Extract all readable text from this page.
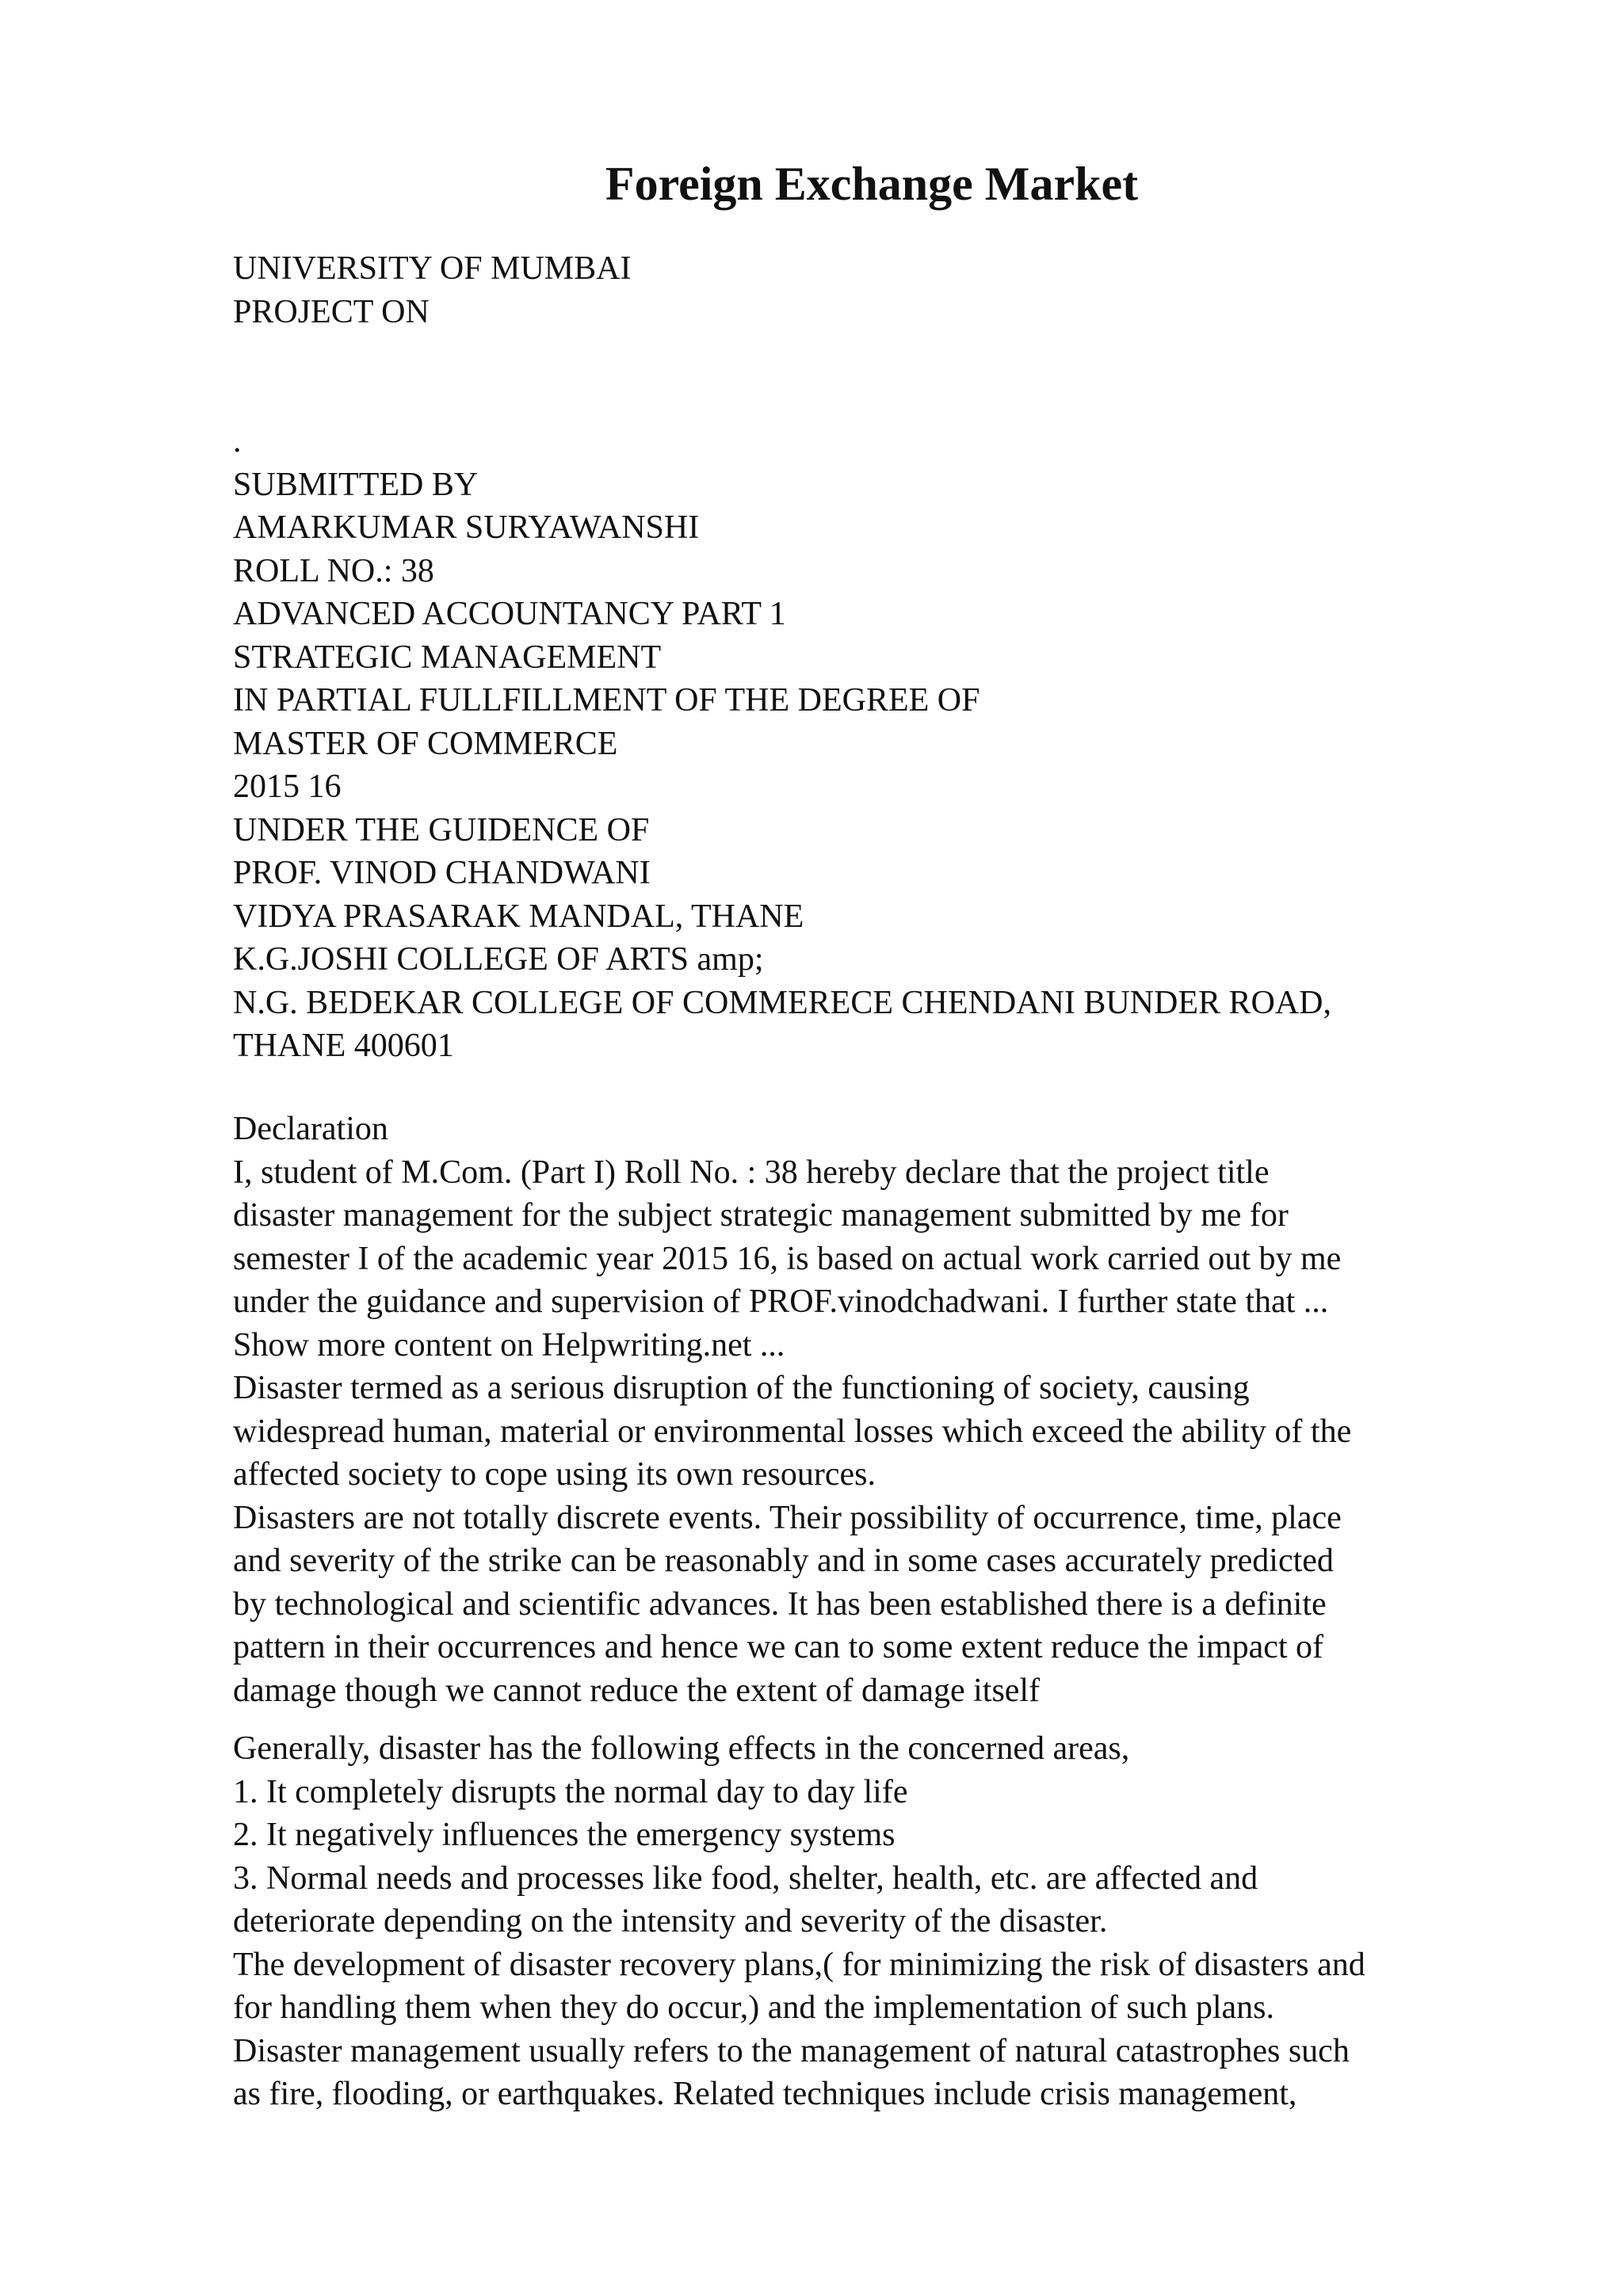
Foreign Exchange Market
UNIVERSITY OF MUMBAI
PROJECT ON
.
SUBMITTED BY
AMARKUMAR SURYAWANSHI
ROLL NO.: 38
ADVANCED ACCOUNTANCY PART 1
STRATEGIC MANAGEMENT
IN PARTIAL FULLFILLMENT OF THE DEGREE OF
MASTER OF COMMERCE
2015 16
UNDER THE GUIDENCE OF
PROF. VINOD CHANDWANI
VIDYA PRASARAK MANDAL, THANE
K.G.JOSHI COLLEGE OF ARTS amp;
N.G. BEDEKAR COLLEGE OF COMMERECE CHENDANI BUNDER ROAD,
THANE 400601
Declaration
I, student of M.Com. (Part I) Roll No. : 38 hereby declare that the project title
disaster management for the subject strategic management submitted by me for
semester I of the academic year 2015 16, is based on actual work carried out by me
under the guidance and supervision of PROF.vinodchadwani. I further state that ...
Show more content on Helpwriting.net ...
Disaster termed as a serious disruption of the functioning of society, causing
widespread human, material or environmental losses which exceed the ability of the
affected society to cope using its own resources.
Disasters are not totally discrete events. Their possibility of occurrence, time, place
and severity of the strike can be reasonably and in some cases accurately predicted
by technological and scientific advances. It has been established there is a definite
pattern in their occurrences and hence we can to some extent reduce the impact of
damage though we cannot reduce the extent of damage itself
Generally, disaster has the following effects in the concerned areas,
1. It completely disrupts the normal day to day life
2. It negatively influences the emergency systems
3. Normal needs and processes like food, shelter, health, etc. are affected and
deteriorate depending on the intensity and severity of the disaster.
The development of disaster recovery plans,( for minimizing the risk of disasters and
for handling them when they do occur,) and the implementation of such plans.
Disaster management usually refers to the management of natural catastrophes such
as fire, flooding, or earthquakes. Related techniques include crisis management,
